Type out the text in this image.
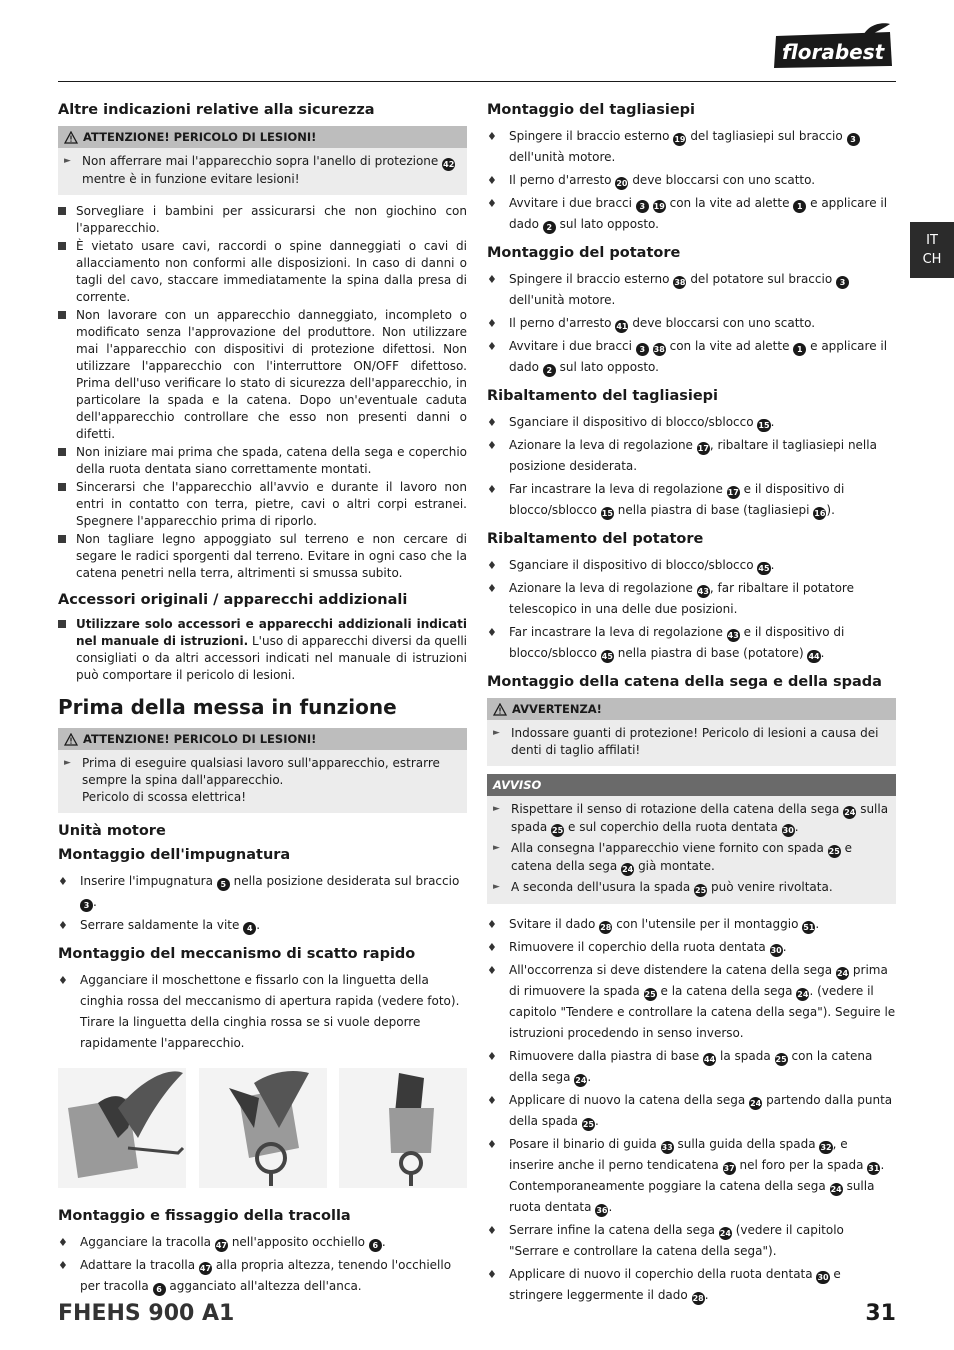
florabest
IT
CH
Altre indicazioni relative alla sicurezza
ATTENZIONE! PERICOLO DI LESIONI!
► Non afferrare mai l'apparecchio sopra l'anello di protezione 42
mentre è in funzione evitare lesioni!
Sorvegliare i bambini per assicurarsi che non giochino con l'apparecchio.
È vietato usare cavi, raccordi o spine danneggiati o cavi di allacciamento non conformi alle disposizioni. In caso di danni o tagli del cavo, staccare immediatamente la spina dalla presa di corrente.
Non lavorare con un apparecchio danneggiato, incompleto o modificato senza l'approvazione del produttore. Non utilizzare mai l'apparecchio con dispositivi di protezione difettosi. Non utilizzare l'apparecchio con l'interruttore ON/OFF difettoso. Prima dell'uso verificare lo stato di sicurezza dell'apparecchio, in particolare la spada e la catena. Dopo un'eventuale caduta dell'apparecchio controllare che esso non presenti danni o difetti.
Non iniziare mai prima che spada, catena della sega e coperchio della ruota dentata siano correttamente montati.
Sincerarsi che l'apparecchio all'avvio e durante il lavoro non entri in contatto con terra, pietre, cavi o altri corpi estranei. Spegnere l'apparecchio prima di riporlo.
Non tagliare legno appoggiato sul terreno e non cercare di segare le radici sporgenti dal terreno. Evitare in ogni caso che la catena penetri nella terra, altrimenti si smussa subito.
Accessori originali / apparecchi addizionali
Utilizzare solo accessori e apparecchi addizionali indicati nel manuale di istruzioni. L'uso di apparecchi diversi da quelli consigliati o da altri accessori indicati nel manuale di istruzioni può comportare il pericolo di lesioni.
Prima della messa in funzione
ATTENZIONE! PERICOLO DI LESIONI!
► Prima di eseguire qualsiasi lavoro sull'apparecchio, estrarre sempre la spina dall'apparecchio.
Pericolo di scossa elettrica!
Unità motore
Montaggio dell'impugnatura
♦	Inserire l'impugnatura 5 nella posizione desiderata sul braccio 3 .
♦	Serrare saldamente la vite 4 .
Montaggio del meccanismo di scatto rapido
♦	Agganciare il moschettone e fissarlo con la linguetta della cinghia rossa del meccanismo di apertura rapida (vedere foto). Tirare la linguetta della cinghia rossa se si vuole deporre rapidamente l'apparecchio.
Montaggio e fissaggio della tracolla
♦	Agganciare la tracolla 47 nell'apposito occhiello 6 .
♦	Adattare la tracolla 47 alla propria altezza, tenendo l'occhiello per tracolla 6 agganciato all'altezza dell'anca.
Montaggio del tagliasiepi
♦	Spingere il braccio esterno 19 del tagliasiepi sul braccio 3 dell'unità motore.
♦	Il perno d'arresto 20 deve bloccarsi con uno scatto.
♦	Avvitare i due bracci 3 19 con la vite ad alette 1 e applicare il dado 2 sul lato opposto.
Montaggio del potatore
♦	Spingere il braccio esterno 38 del potatore sul braccio 3 dell'unità motore.
♦	Il perno d'arresto 41 deve bloccarsi con uno scatto.
♦	Avvitare i due bracci 3 38 con la vite ad alette 1 e applicare il dado 2 sul lato opposto.
Ribaltamento del tagliasiepi
♦	Sganciare il dispositivo di blocco/sblocco 15.
♦	Azionare la leva di regolazione 17, ribaltare il tagliasiepi nella posizione desiderata.
♦	Far incastrare la leva di regolazione 17 e il dispositivo di blocco/sblocco 15 nella piastra di base (tagliasiepi 16).
Ribaltamento del potatore
♦	Sganciare il dispositivo di blocco/sblocco 45.
♦	Azionare la leva di regolazione 43, far ribaltare il potatore telescopico in una delle due posizioni.
♦	Far incastrare la leva di regolazione 43 e il dispositivo di blocco/sblocco 45 nella piastra di base (potatore) 44.
Montaggio della catena della sega e della spada
AVVERTENZA!
► Indossare guanti di protezione! Pericolo di lesioni a causa dei denti di taglio affilati!
AVVISO
► Rispettare il senso di rotazione della catena della sega 24 sulla spada 25 e sul coperchio della ruota dentata 30.
► Alla consegna l'apparecchio viene fornito con spada 25 e catena della sega 24 già montate.
► A seconda dell'usura la spada 25 può venire rivoltata.
♦	Svitare il dado 28 con l'utensile per il montaggio 51.
♦	Rimuovere il coperchio della ruota dentata 30.
♦	All'occorrenza si deve distendere la catena della sega 24 prima di rimuovere la spada 25 e la catena della sega 24. (vedere il capitolo "Tendere e controllare la catena della sega"). Seguire le istruzioni procedendo in senso inverso.
♦	Rimuovere dalla piastra di base 44 la spada 25 con la catena della sega 24.
♦	Applicare di nuovo la catena della sega 24 partendo dalla punta della spada 25.
♦	Posare il binario di guida 33 sulla guida della spada 32, e inserire anche il perno tendicatena 37 nel foro per la spada 31. Contemporaneamente poggiare la catena della sega 24 sulla ruota dentata 36.
♦	Serrare infine la catena della sega 24 (vedere il capitolo "Serrare e controllare la catena della sega").
♦	Applicare di nuovo il coperchio della ruota dentata 30 e stringere leggermente il dado 28.
FHEHS 900 A1	31
